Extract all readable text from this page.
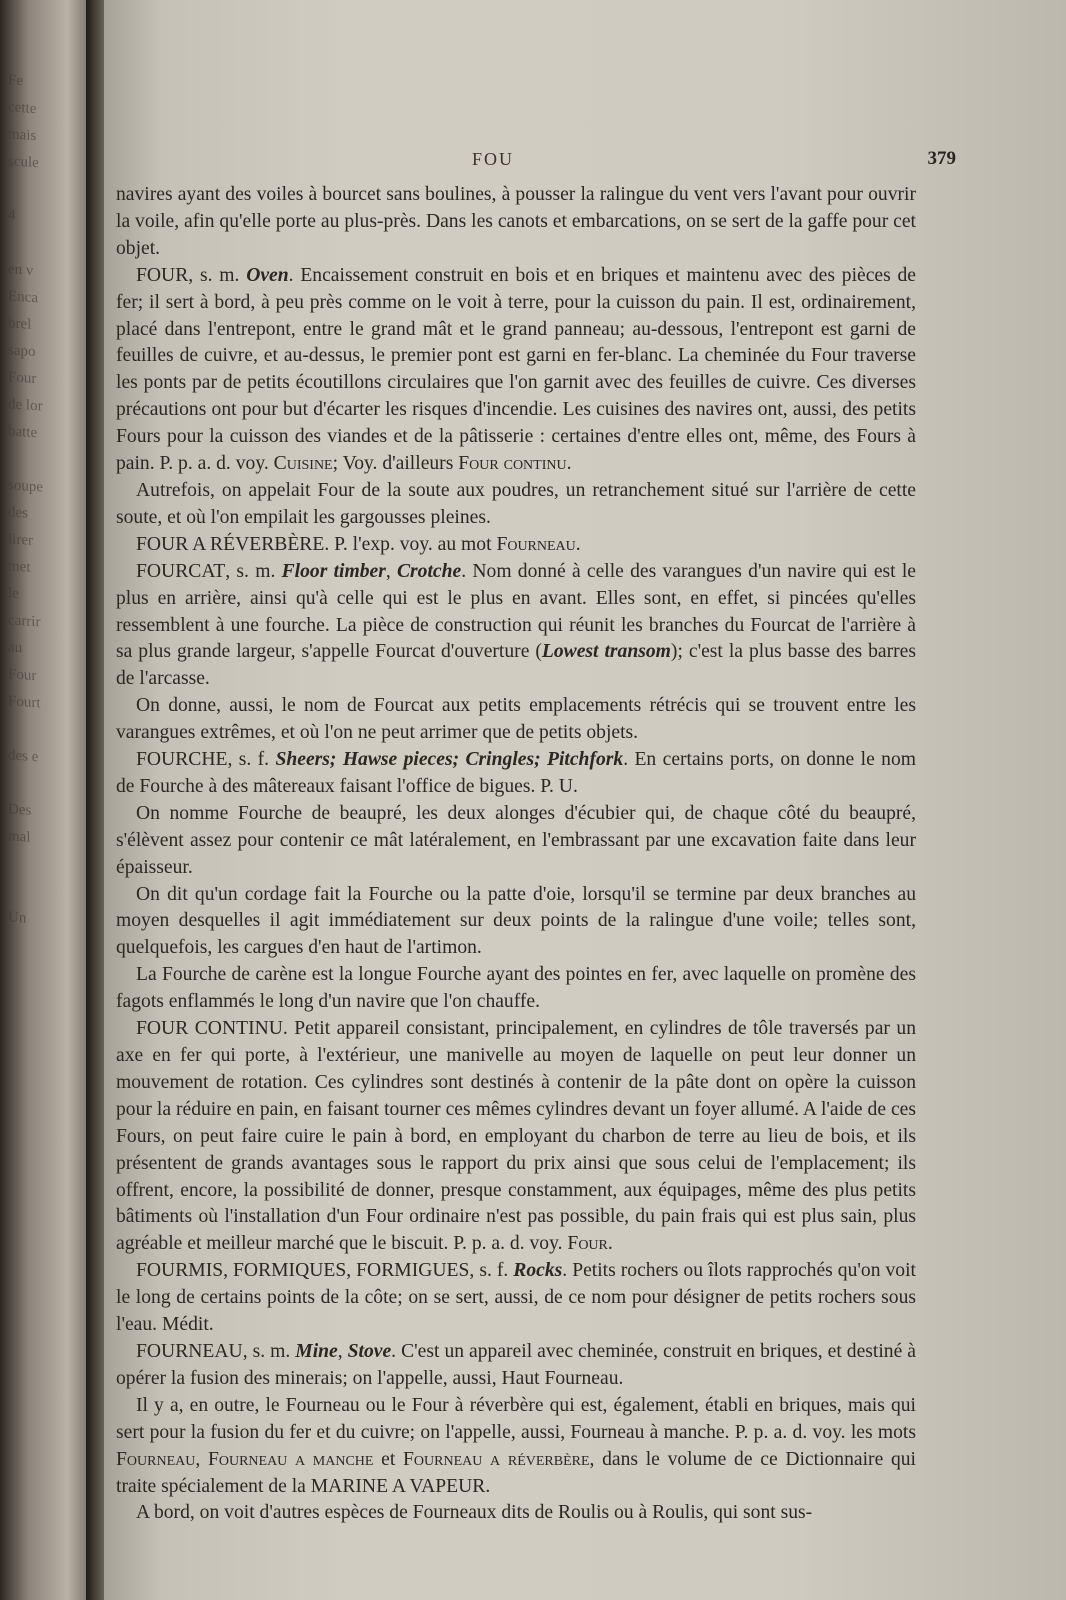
Fe
cette
mais
scule

4

en v
Enca
brel
sapo
Four
de lor
batte

soupe
des
lirer
met
le
carrir
au
Four
Fourt

des e

Des
mal

Un
FOU	379

navires ayant des voiles à bourcet sans boulines, à pousser la ralingue du vent vers l'avant pour ouvrir la voile, afin qu'elle porte au plus-près. Dans les canots et embarcations, on se sert de la gaffe pour cet objet.

FOUR, s. m. Oven. Encaissement construit en bois et en briques et maintenu avec des pièces de fer; il sert à bord, à peu près comme on le voit à terre, pour la cuisson du pain. Il est, ordinairement, placé dans l'entrepont, entre le grand mât et le grand panneau; au-dessous, l'entrepont est garni de feuilles de cuivre, et au-dessus, le premier pont est garni en fer-blanc. La cheminée du Four traverse les ponts par de petits écoutillons circulaires que l'on garnit avec des feuilles de cuivre. Ces diverses précautions ont pour but d'écarter les risques d'incendie. Les cuisines des navires ont, aussi, des petits Fours pour la cuisson des viandes et de la pâtisserie : certaines d'entre elles ont, même, des Fours à pain. P. p. a. d. voy. Cuisine; Voy. d'ailleurs Four continu.

Autrefois, on appelait Four de la soute aux poudres, un retranchement situé sur l'arrière de cette soute, et où l'on empilait les gargousses pleines.

FOUR A RÉVERBÈRE. P. l'exp. voy. au mot Fourneau.

FOURCAT, s. m. Floor timber, Crotche. Nom donné à celle des varangues d'un navire qui est le plus en arrière, ainsi qu'à celle qui est le plus en avant. Elles sont, en effet, si pincées qu'elles ressemblent à une fourche. La pièce de construction qui réunit les branches du Fourcat de l'arrière à sa plus grande largeur, s'appelle Fourcat d'ouverture (Lowest transom); c'est la plus basse des barres de l'arcasse.

On donne, aussi, le nom de Fourcat aux petits emplacements rétrécis qui se trouvent entre les varangues extrêmes, et où l'on ne peut arrimer que de petits objets.

FOURCHE, s. f. Sheers; Hawse pieces; Cringles; Pitchfork. En certains ports, on donne le nom de Fourche à des mâtereaux faisant l'office de bigues. P. U.

On nomme Fourche de beaupré, les deux alonges d'écubier qui, de chaque côté du beaupré, s'élèvent assez pour contenir ce mât latéralement, en l'embrassant par une excavation faite dans leur épaisseur.

On dit qu'un cordage fait la Fourche ou la patte d'oie, lorsqu'il se termine par deux branches au moyen desquelles il agit immédiatement sur deux points de la ralingue d'une voile; telles sont, quelquefois, les cargues d'en haut de l'artimon.

La Fourche de carène est la longue Fourche ayant des pointes en fer, avec laquelle on promène des fagots enflammés le long d'un navire que l'on chauffe.

FOUR CONTINU. Petit appareil consistant, principalement, en cylindres de tôle traversés par un axe en fer qui porte, à l'extérieur, une manivelle au moyen de laquelle on peut leur donner un mouvement de rotation. Ces cylindres sont destinés à contenir de la pâte dont on opère la cuisson pour la réduire en pain, en faisant tourner ces mêmes cylindres devant un foyer allumé. A l'aide de ces Fours, on peut faire cuire le pain à bord, en employant du charbon de terre au lieu de bois, et ils présentent de grands avantages sous le rapport du prix ainsi que sous celui de l'emplacement; ils offrent, encore, la possibilité de donner, presque constamment, aux équipages, même des plus petits bâtiments où l'installation d'un Four ordinaire n'est pas possible, du pain frais qui est plus sain, plus agréable et meilleur marché que le biscuit. P. p. a. d. voy. Four.

FOURMIS, FORMIQUES, FORMIGUES, s. f. Rocks. Petits rochers ou îlots rapprochés qu'on voit le long de certains points de la côte; on se sert, aussi, de ce nom pour désigner de petits rochers sous l'eau. Médit.

FOURNEAU, s. m. Mine, Stove. C'est un appareil avec cheminée, construit en briques, et destiné à opérer la fusion des minerais; on l'appelle, aussi, Haut Fourneau.

Il y a, en outre, le Fourneau ou le Four à réverbère qui est, également, établi en briques, mais qui sert pour la fusion du fer et du cuivre; on l'appelle, aussi, Fourneau à manche. P. p. a. d. voy. les mots Fourneau, Fourneau a manche et Fourneau a réverbère, dans le volume de ce Dictionnaire qui traite spécialement de la MARINE A VAPEUR.

A bord, on voit d'autres espèces de Fourneaux dits de Roulis ou à Roulis, qui sont sus-
